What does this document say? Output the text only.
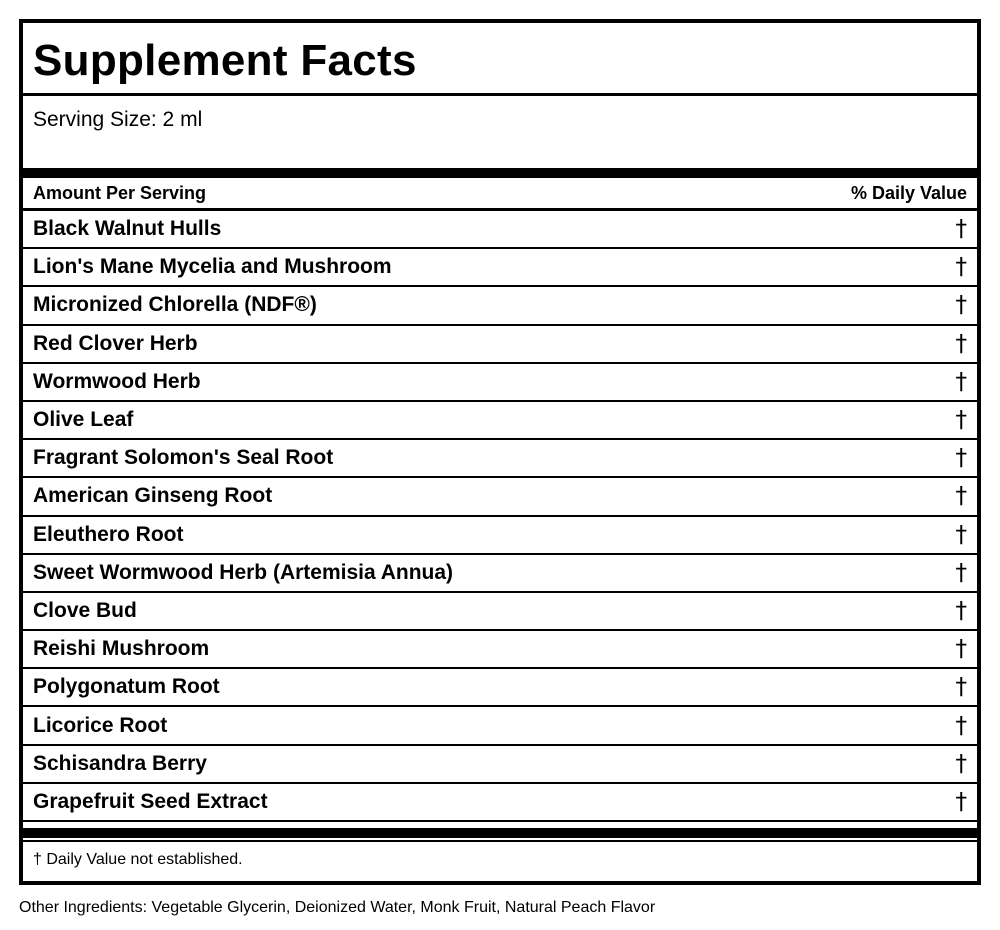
Supplement Facts
Serving Size: 2 ml
Amount Per Serving	% Daily Value
Black Walnut Hulls	†
Lion's Mane Mycelia and Mushroom	†
Micronized Chlorella (NDF®)	†
Red Clover Herb	†
Wormwood Herb	†
Olive Leaf	†
Fragrant Solomon's Seal Root	†
American Ginseng Root	†
Eleuthero Root	†
Sweet Wormwood Herb (Artemisia Annua)	†
Clove Bud	†
Reishi Mushroom	†
Polygonatum Root	†
Licorice Root	†
Schisandra Berry	†
Grapefruit Seed Extract	†
† Daily Value not established.
Other Ingredients: Vegetable Glycerin, Deionized Water, Monk Fruit, Natural Peach Flavor
